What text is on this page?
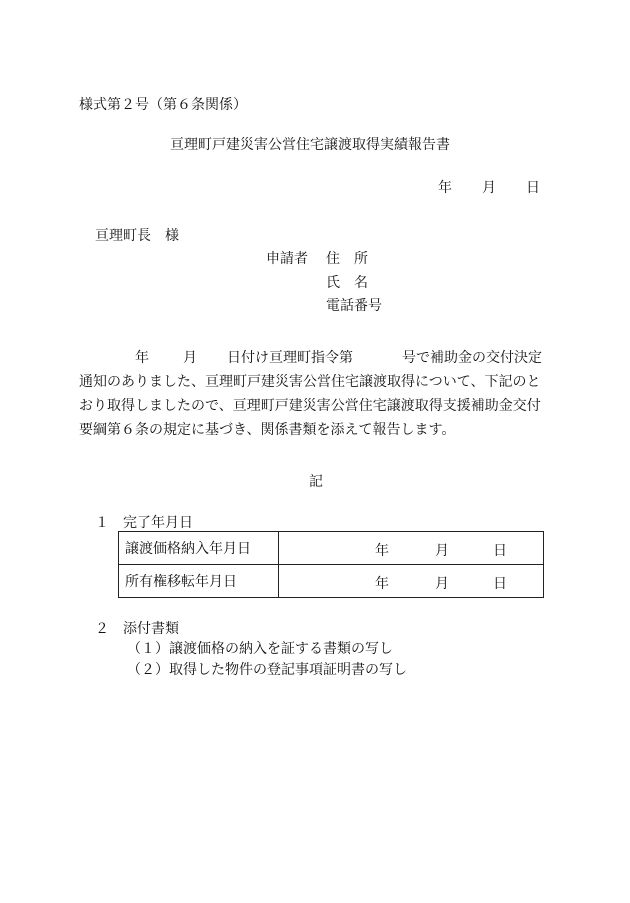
様式第２号（第６条関係）
亘理町戸建災害公営住宅譲渡取得実績報告書
年 月 日
亘理町長　様
申請者 住　所
氏　名
電話番号
年 月 日付け亘理町指令第	号で補助金の交付決定
通知のありました、亘理町戸建災害公営住宅譲渡取得について、下記のと
おり取得しましたので、亘理町戸建災害公営住宅譲渡取得支援補助金交付
要綱第６条の規定に基づき、関係書類を添えて報告します。
記
１　完了年月日
譲渡価格納入年月日	年 月 日

所有権移転年月日	年 月 日
２　添付書類
（１）譲渡価格の納入を証する書類の写し
（２）取得した物件の登記事項証明書の写し
